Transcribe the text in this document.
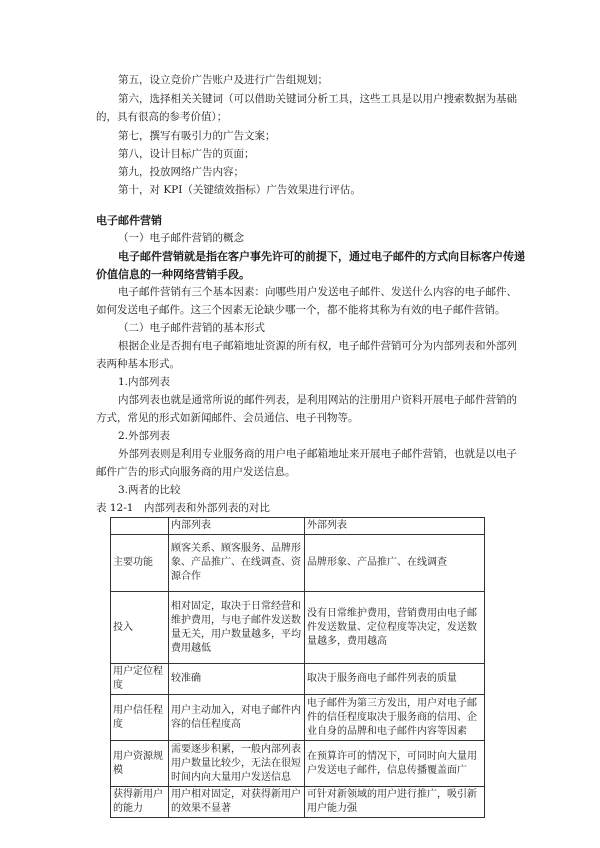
第五，设立竞价广告账户及进行广告组规划；
第六，选择相关关键词（可以借助关键词分析工具，这些工具是以用户搜索数据为基础
的，具有很高的参考价值）；
第七，撰写有吸引力的广告文案；
第八，设计目标广告的页面；
第九，投放网络广告内容；
第十，对 KPI（关键绩效指标）广告效果进行评估。
电子邮件营销
（一）电子邮件营销的概念
电子邮件营销就是指在客户事先许可的前提下，通过电子邮件的方式向目标客户传递
价值信息的一种网络营销手段。
电子邮件营销有三个基本因素：向哪些用户发送电子邮件、发送什么内容的电子邮件、
如何发送电子邮件。这三个因素无论缺少哪一个，都不能将其称为有效的电子邮件营销。
（二）电子邮件营销的基本形式
根据企业是否拥有电子邮箱地址资源的所有权，电子邮件营销可分为内部列表和外部列
表两种基本形式。
1.内部列表
内部列表也就是通常所说的邮件列表，是利用网站的注册用户资料开展电子邮件营销的
方式，常见的形式如新闻邮件、会员通信、电子刊物等。
2.外部列表
外部列表则是利用专业服务商的用户电子邮箱地址来开展电子邮件营销，也就是以电子
邮件广告的形式向服务商的用户发送信息。
3.两者的比较
表 12-1　内部列表和外部列表的对比
	内部列表	外部列表
主要功能	顾客关系、顾客服务、品牌形象、产品推广、在线调查、资源合作	品牌形象、产品推广、在线调查
投入	相对固定，取决于日常经营和维护费用，与电子邮件发送数量无关，用户数量越多，平均费用越低	没有日常维护费用，营销费用由电子邮件发送数量、定位程度等决定，发送数量越多，费用越高
用户定位程度	较准确	取决于服务商电子邮件列表的质量
用户信任程度	用户主动加入，对电子邮件内容的信任程度高	电子邮件为第三方发出，用户对电子邮件的信任程度取决于服务商的信用、企业自身的品牌和电子邮件内容等因素
用户资源规模	需要逐步积累，一般内部列表用户数量比较少，无法在很短时间内向大量用户发送信息	在预算许可的情况下，可同时向大量用户发送电子邮件，信息传播覆盖面广
获得新用户的能力	用户相对固定，对获得新用户的效果不显著	可针对新领域的用户进行推广，吸引新用户能力强
